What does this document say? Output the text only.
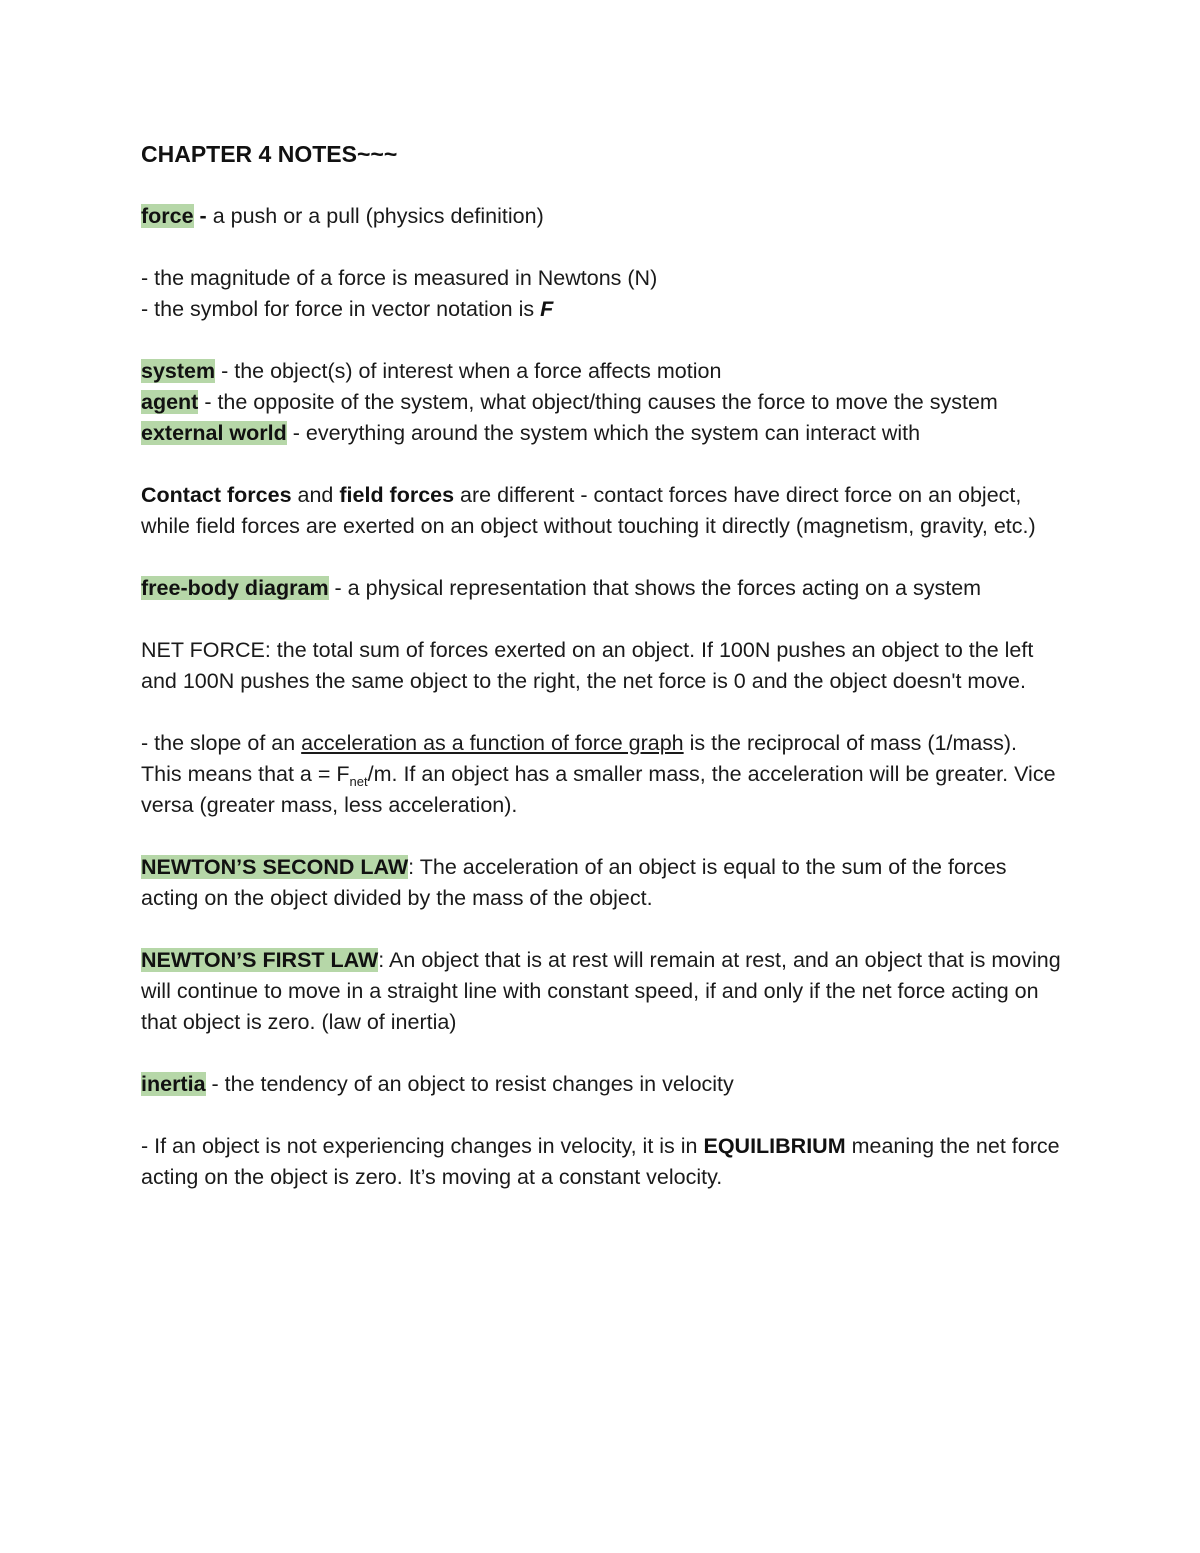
CHAPTER 4 NOTES~~~

force - a push or a pull (physics definition)

- the magnitude of a force is measured in Newtons (N)

- the symbol for force in vector notation is F

system - the object(s) of interest when a force affects motion

agent - the opposite of the system, what object/thing causes the force to move the system

external world - everything around the system which the system can interact with

Contact forces and field forces are different - contact forces have direct force on an object, while field forces are exerted on an object without touching it directly (magnetism, gravity, etc.)

free-body diagram - a physical representation that shows the forces acting on a system

NET FORCE: the total sum of forces exerted on an object. If 100N pushes an object to the left and 100N pushes the same object to the right, the net force is 0 and the object doesn't move.

- the slope of an acceleration as a function of force graph is the reciprocal of mass (1/mass). This means that $a = F_{net}/m$. If an object has a smaller mass, the acceleration will be greater. Vice versa (greater mass, less acceleration).

NEWTON’S SECOND LAW: The acceleration of an object is equal to the sum of the forces acting on the object divided by the mass of the object.

NEWTON’S FIRST LAW: An object that is at rest will remain at rest, and an object that is moving will continue to move in a straight line with constant speed, if and only if the net force acting on that object is zero. (law of inertia)

inertia - the tendency of an object to resist changes in velocity

- If an object is not experiencing changes in velocity, it is in EQUILIBRIUM meaning the net force acting on the object is zero. It’s moving at a constant velocity.
